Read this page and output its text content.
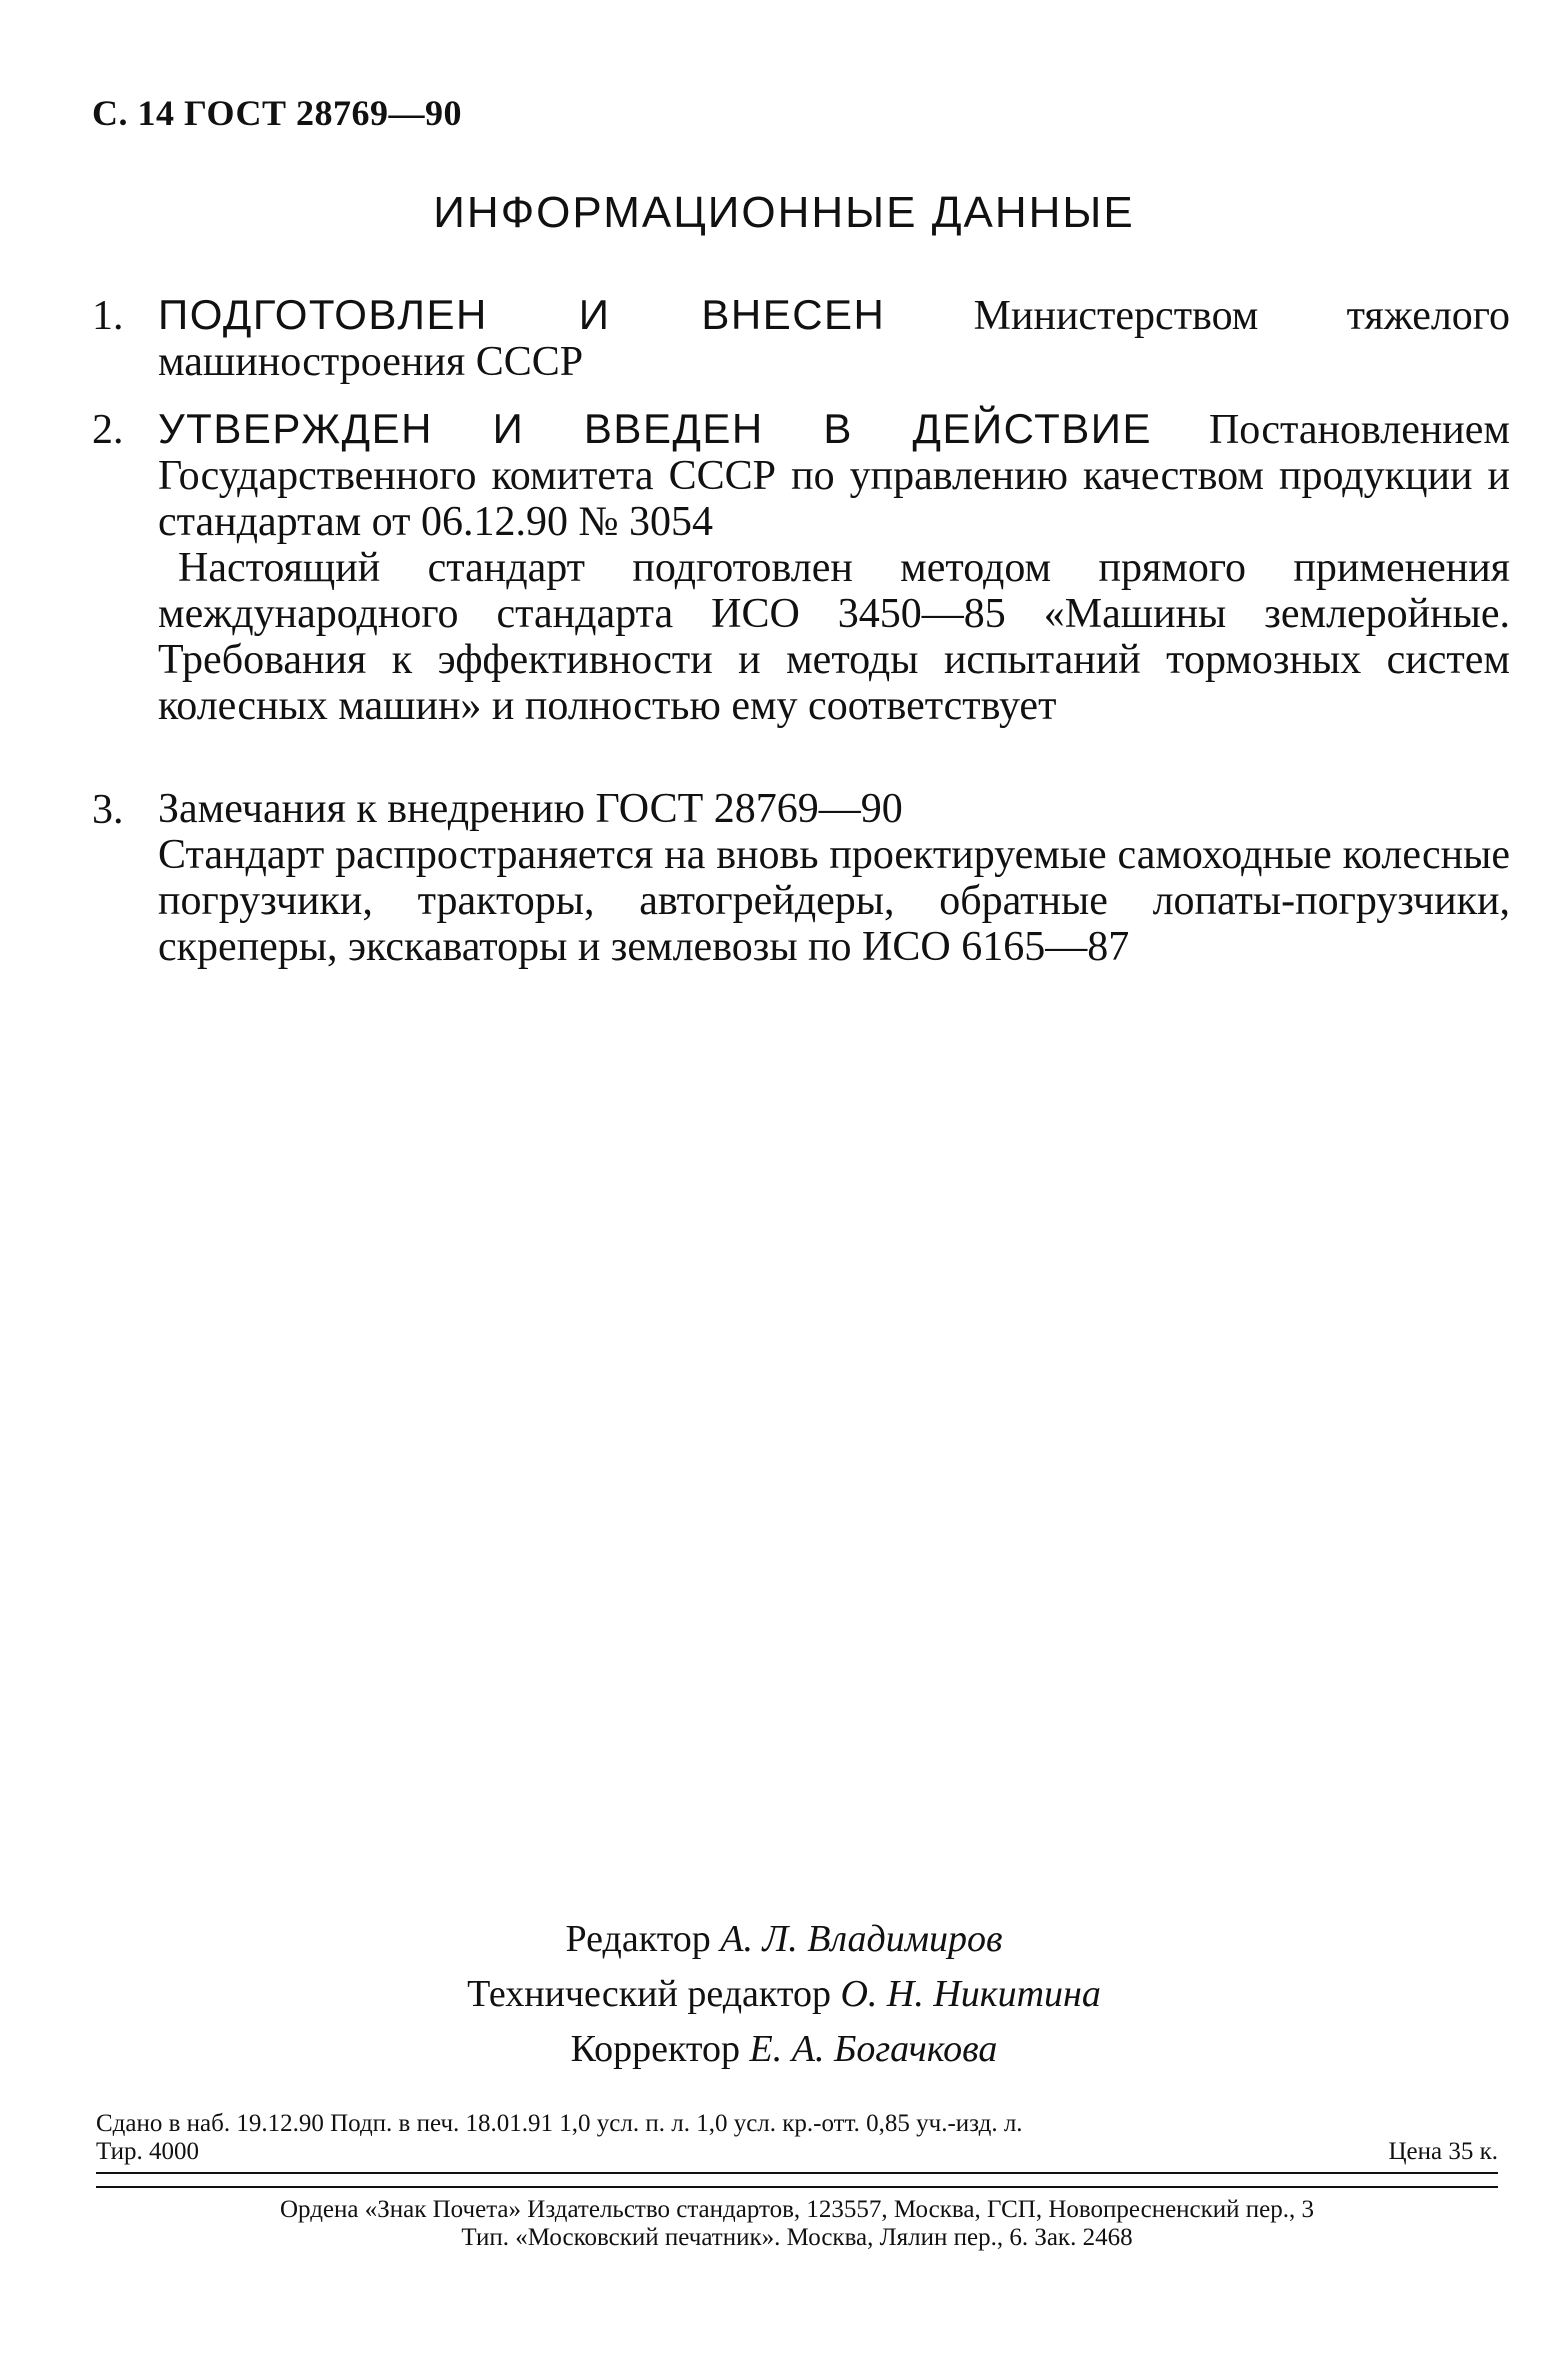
С. 14 ГОСТ 28769—90
ИНФОРМАЦИОННЫЕ ДАННЫЕ
1. ПОДГОТОВЛЕН И ВНЕСЕН Министерством тяжелого машиностроения СССР
2. УТВЕРЖДЕН И ВВЕДЕН В ДЕЙСТВИЕ Постановлением Государственного комитета СССР по управлению качеством продукции и стандартам от 06.12.90 № 3054
Настоящий стандарт подготовлен методом прямого применения международного стандарта ИСО 3450—85 «Машины землеройные. Требования к эффективности и методы испытаний тормозных систем колесных машин» и полностью ему соответствует
3. Замечания к внедрению ГОСТ 28769—90
Стандарт распространяется на вновь проектируемые самоходные колесные погрузчики, тракторы, автогрейдеры, обратные лопаты-погрузчики, скреперы, экскаваторы и землевозы по ИСО 6165—87
Редактор А. Л. Владимиров
Технический редактор О. Н. Никитина
Корректор Е. А. Богачкова
Сдано в наб. 19.12.90 Подп. в печ. 18.01.91 1,0 усл. п. л. 1,0 усл. кр.-отт. 0,85 уч.-изд. л.
Тир. 4000	Цена 35 к.
Ордена «Знак Почета» Издательство стандартов, 123557, Москва, ГСП, Новопресненский пер., 3
Тип. «Московский печатник». Москва, Лялин пер., 6. Зак. 2468
